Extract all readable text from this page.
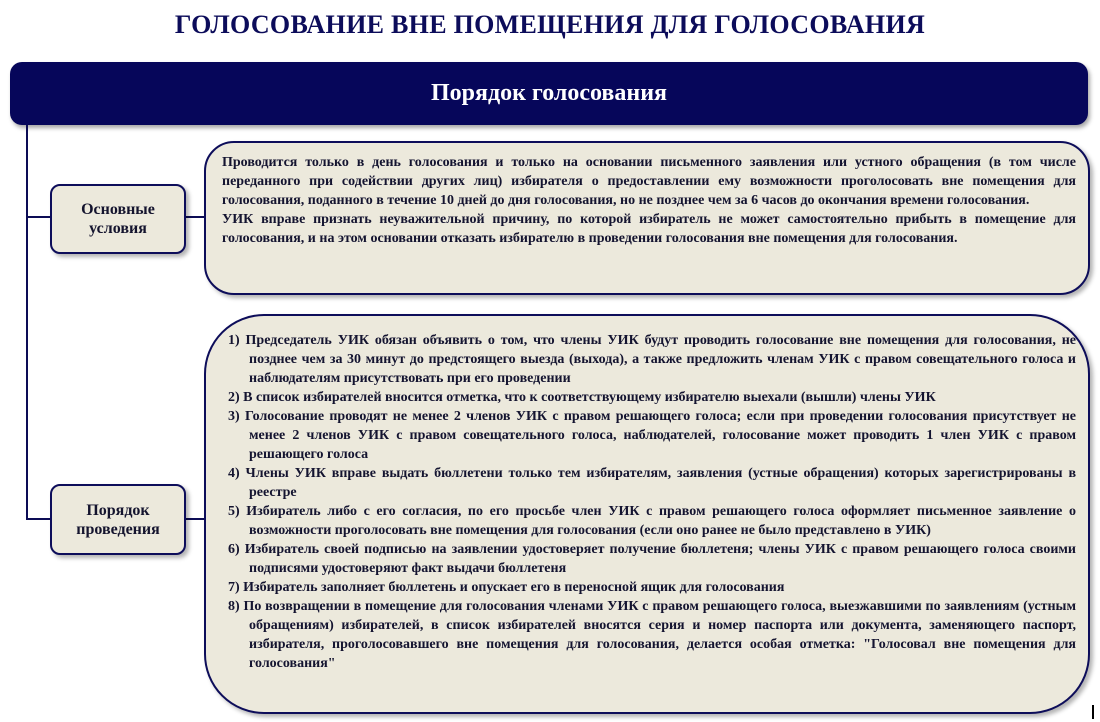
ГОЛОСОВАНИЕ ВНЕ ПОМЕЩЕНИЯ ДЛЯ ГОЛОСОВАНИЯ
Порядок голосования
Основные
условия
Порядок
проведения

Проводится только в день голосования и только на основании письменного заявления или устного обращения (в том числе переданного при содействии других лиц) избирателя о предоставлении ему возможности проголосовать вне помещения для голосования, поданного в течение 10 дней до дня голосования, но не позднее чем за 6 часов до окончания времени голосования.

УИК вправе признать неуважительной причину, по которой избиратель не может самостоятельно прибыть в помещение для голосования, и на этом основании отказать избирателю в проведении голосования вне помещения для голосования.

1) Председатель УИК обязан объявить о том, что члены УИК будут проводить голосование вне помещения для голосования, не позднее чем за 30 минут до предстоящего выезда (выхода), а также предложить членам УИК с правом совещательного голоса и наблюдателям присутствовать при его проведении
2) В список избирателей вносится отметка, что к соответствующему избирателю выехали (вышли) члены УИК
3) Голосование проводят не менее 2 членов УИК с правом решающего голоса; если при проведении голосования присутствует не менее 2 членов УИК с правом совещательного голоса, наблюдателей, голосование может проводить 1 член УИК с правом решающего голоса
4) Члены УИК вправе выдать бюллетени только тем избирателям, заявления (устные обращения) которых зарегистрированы в реестре
5) Избиратель либо с его согласия, по его просьбе член УИК с правом решающего голоса оформляет письменное заявление о возможности проголосовать вне помещения для голосования (если оно ранее не было представлено в УИК)
6) Избиратель своей подписью на заявлении удостоверяет получение бюллетеня; члены УИК с правом решающего голоса своими подписями удостоверяют факт выдачи бюллетеня
7) Избиратель заполняет бюллетень и опускает его в переносной ящик для голосования
8) По возвращении в помещение для голосования членами УИК с правом решающего голоса, выезжавшими по заявлениям (устным обращениям) избирателей, в список избирателей вносятся серия и номер паспорта или документа, заменяющего паспорт, избирателя, проголосовавшего вне помещения для голосования, делается особая отметка: "Голосовал вне помещения для голосования"
